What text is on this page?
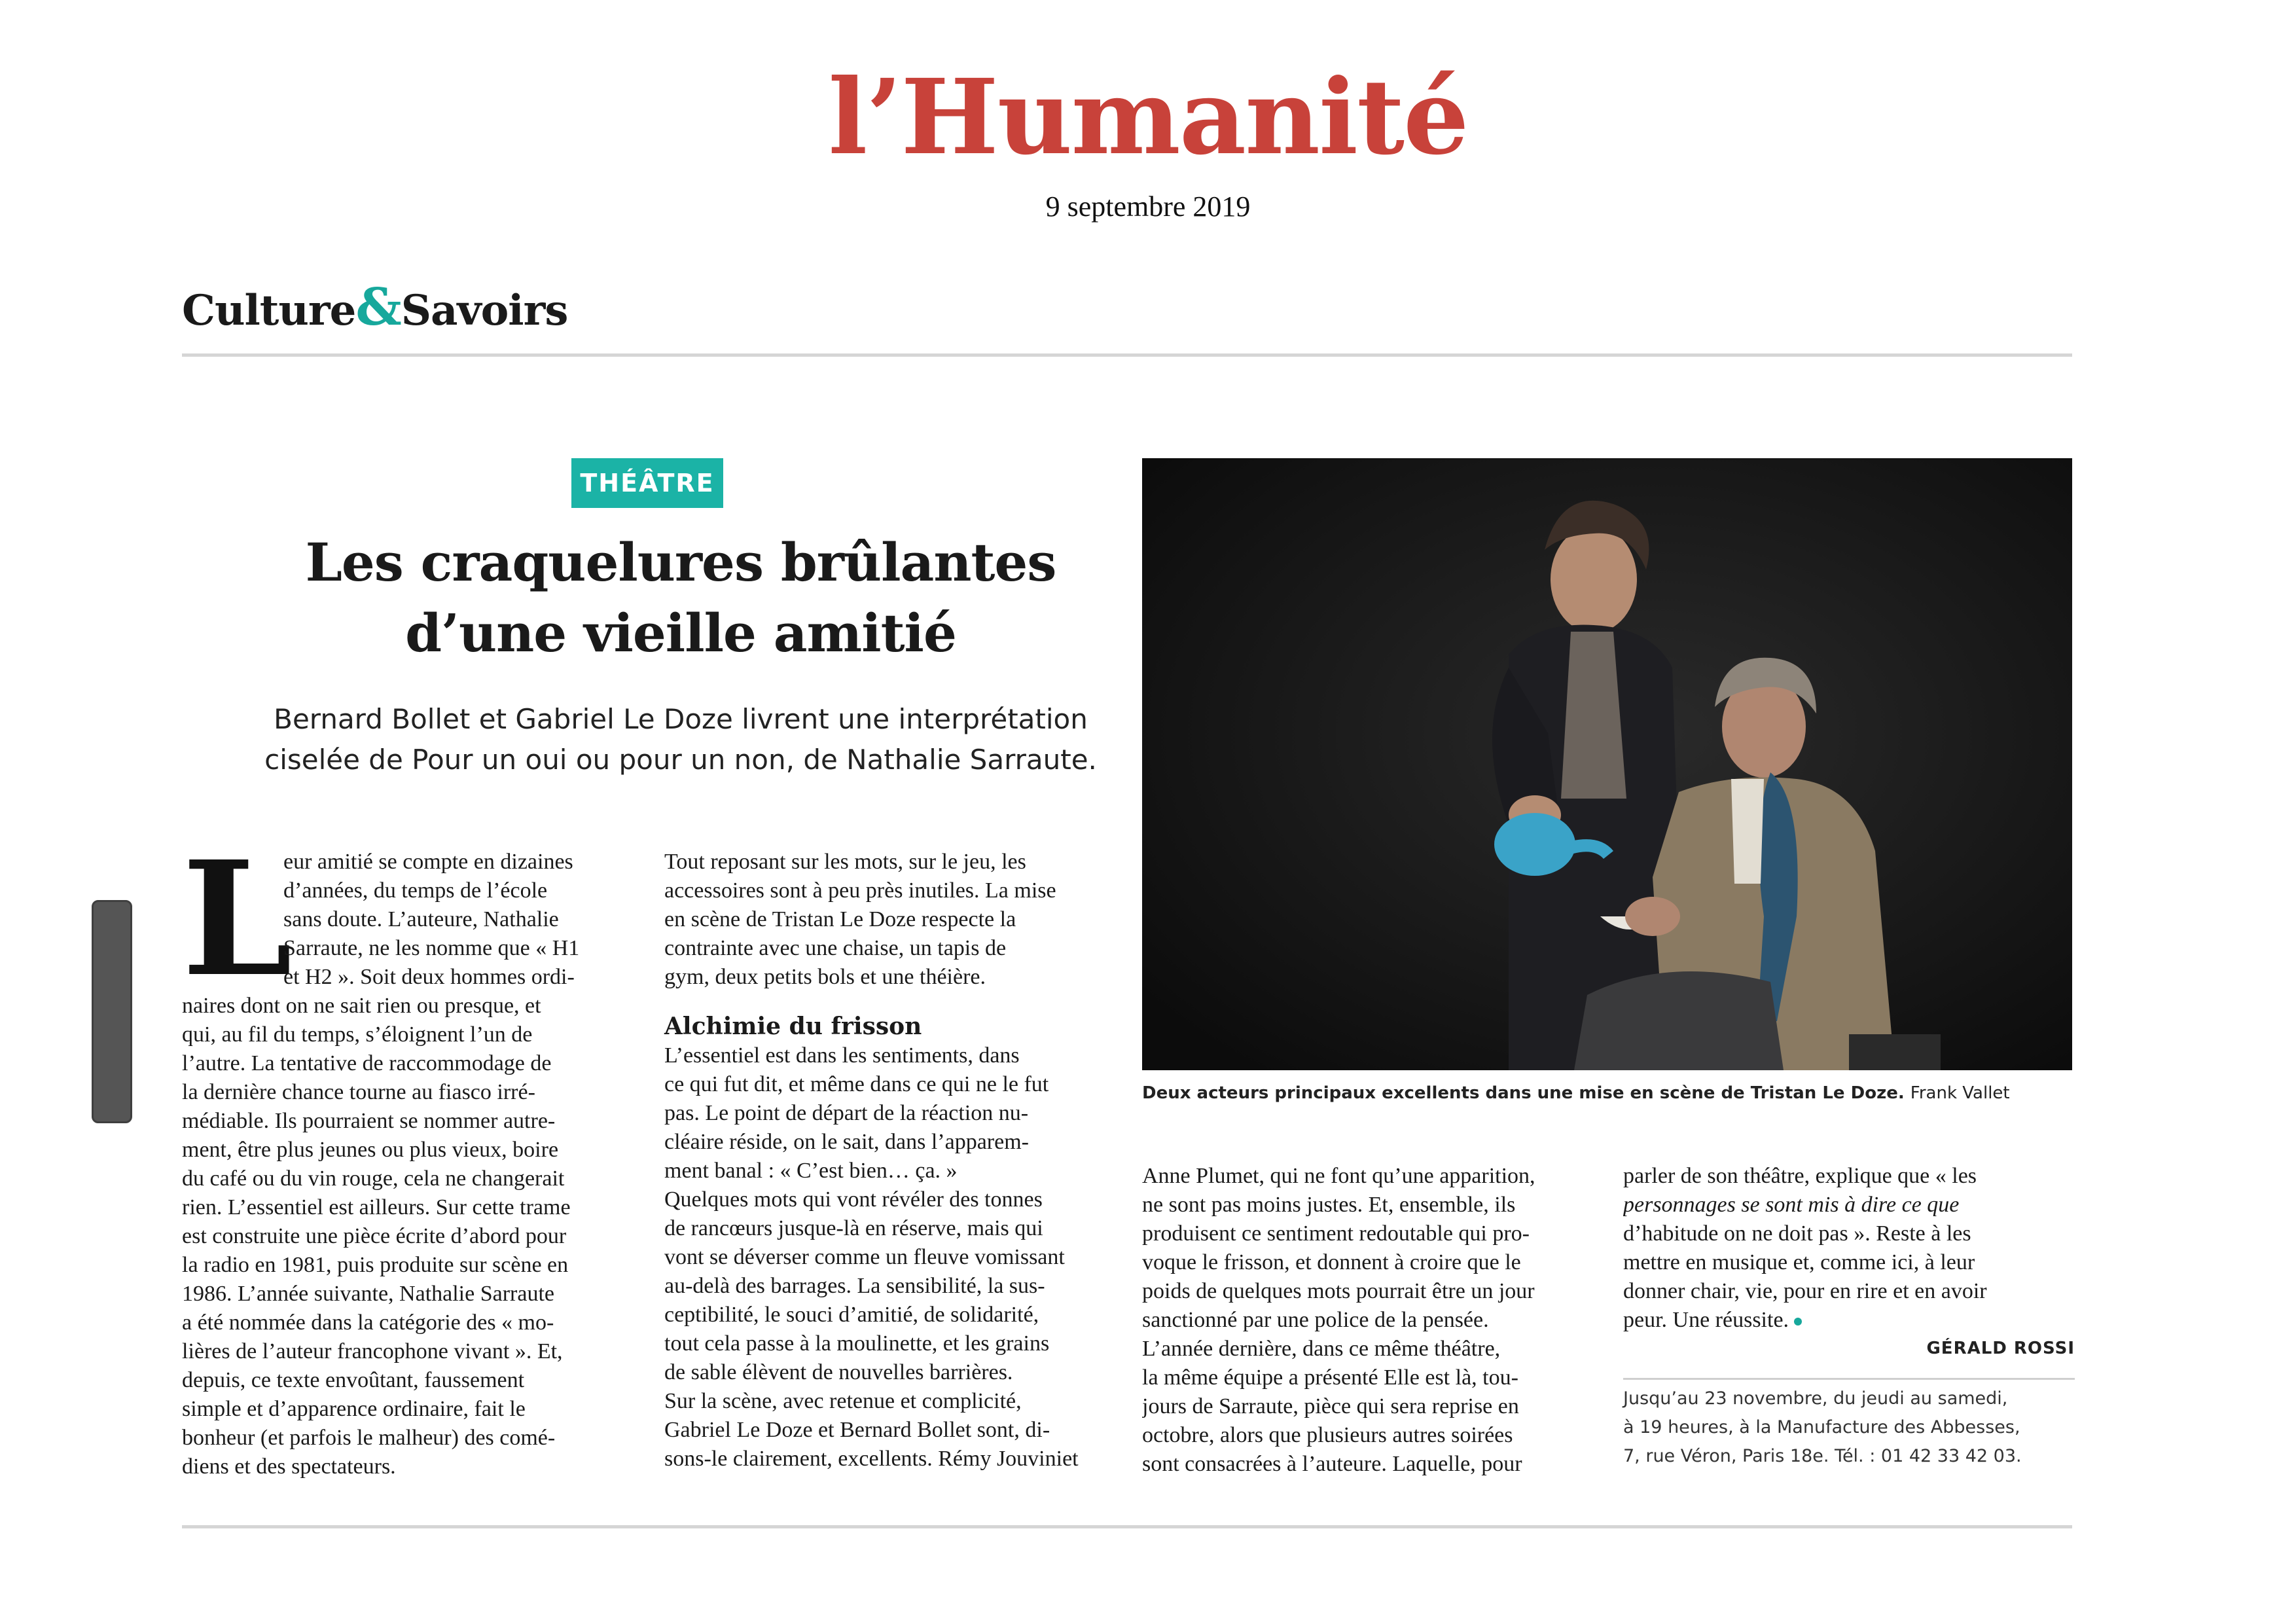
l’Humanité
9 septembre 2019
Culture&Savoirs
THÉÂTRE
Les craquelures brûlantes
d’une vieille amitié
Bernard Bollet et Gabriel Le Doze livrent une interprétation
ciselée de Pour un oui ou pour un non, de Nathalie Sarraute.
L
eur amitié se compte en dizaines
d’années, du temps de l’école
sans doute. L’auteure, Nathalie
Sarraute, ne les nomme que « H1
et H2 ». Soit deux hommes ordi-
naires dont on ne sait rien ou presque, et
qui, au fil du temps, s’éloignent l’un de
l’autre. La tentative de raccommodage de
la dernière chance tourne au fiasco irré-
médiable. Ils pourraient se nommer autre-
ment, être plus jeunes ou plus vieux, boire
du café ou du vin rouge, cela ne changerait
rien. L’essentiel est ailleurs. Sur cette trame
est construite une pièce écrite d’abord pour
la radio en 1981, puis produite sur scène en
1986. L’année suivante, Nathalie Sarraute
a été nommée dans la catégorie des « mo-
lières de l’auteur francophone vivant ». Et,
depuis, ce texte envoûtant, faussement
simple et d’apparence ordinaire, fait le
bonheur (et parfois le malheur) des comé-
diens et des spectateurs.
Tout reposant sur les mots, sur le jeu, les
accessoires sont à peu près inutiles. La mise
en scène de Tristan Le Doze respecte la
contrainte avec une chaise, un tapis de
gym, deux petits bols et une théière.
Alchimie du frisson
L’essentiel est dans les sentiments, dans
ce qui fut dit, et même dans ce qui ne le fut
pas. Le point de départ de la réaction nu-
cléaire réside, on le sait, dans l’apparem-
ment banal : « C’est bien… ça. »
Quelques mots qui vont révéler des tonnes
de rancœurs jusque-là en réserve, mais qui
vont se déverser comme un fleuve vomissant
au-delà des barrages. La sensibilité, la sus-
ceptibilité, le souci d’amitié, de solidarité,
tout cela passe à la moulinette, et les grains
de sable élèvent de nouvelles barrières.
Sur la scène, avec retenue et complicité,
Gabriel Le Doze et Bernard Bollet sont, di-
sons-le clairement, excellents. Rémy Jouviniet
Deux acteurs principaux excellents dans une mise en scène de Tristan Le Doze. Frank Vallet
Anne Plumet, qui ne font qu’une apparition,
ne sont pas moins justes. Et, ensemble, ils
produisent ce sentiment redoutable qui pro-
voque le frisson, et donnent à croire que le
poids de quelques mots pourrait être un jour
sanctionné par une police de la pensée.
L’année dernière, dans ce même théâtre,
la même équipe a présenté Elle est là, tou-
jours de Sarraute, pièce qui sera reprise en
octobre, alors que plusieurs autres soirées
sont consacrées à l’auteure. Laquelle, pour
parler de son théâtre, explique que « les
personnages se sont mis à dire ce que
d’habitude on ne doit pas ». Reste à les
mettre en musique et, comme ici, à leur
donner chair, vie, pour en rire et en avoir
peur. Une réussite.
GÉRALD ROSSI
Jusqu’au 23 novembre, du jeudi au samedi,
à 19 heures, à la Manufacture des Abbesses,
7, rue Véron, Paris 18e. Tél. : 01 42 33 42 03.
